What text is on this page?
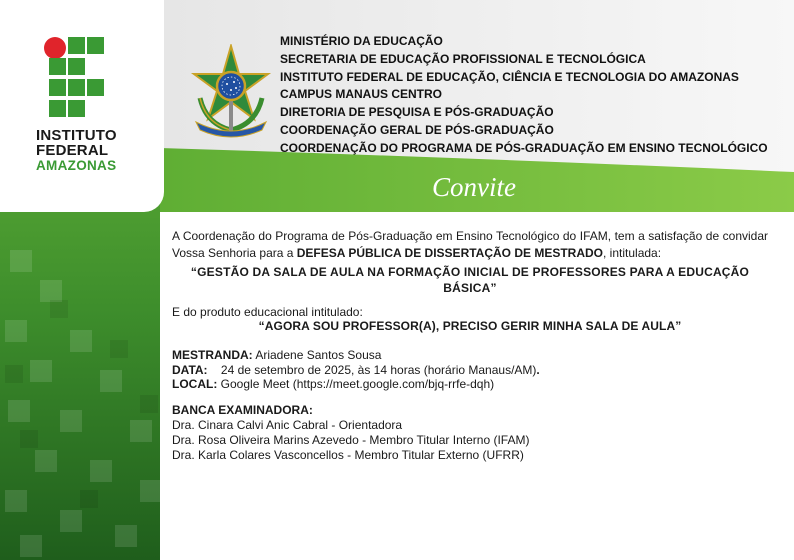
INSTITUTO
FEDERAL
AMAZONAS
MINISTÉRIO DA EDUCAÇÃO
SECRETARIA DE EDUCAÇÃO PROFISSIONAL E TECNOLÓGICA
INSTITUTO FEDERAL DE EDUCAÇÃO, CIÊNCIA E TECNOLOGIA DO AMAZONAS
CAMPUS MANAUS CENTRO
DIRETORIA DE PESQUISA E PÓS-GRADUAÇÃO
COORDENAÇÃO GERAL DE PÓS-GRADUAÇÃO
COORDENAÇÃO DO PROGRAMA DE PÓS-GRADUAÇÃO EM ENSINO TECNOLÓGICO
Convite

A Coordenação do Programa de Pós-Graduação em Ensino Tecnológico do IFAM, tem a satisfação de convidar Vossa Senhoria para a DEFESA PÚBLICA DE DISSERTAÇÃO DE MESTRADO, intitulada:

“GESTÃO DA SALA DE AULA NA FORMAÇÃO INICIAL DE PROFESSORES PARA A EDUCAÇÃO BÁSICA”
E do produto educacional intitulado:
“AGORA SOU PROFESSOR(A), PRECISO GERIR MINHA SALA DE AULA”
MESTRANDA: Ariadene Santos Sousa
DATA: 24 de setembro de 2025, às 14 horas (horário Manaus/AM).
LOCAL: Google Meet (https://meet.google.com/bjq-rrfe-dqh)
BANCA EXAMINADORA:
Dra. Cinara Calvi Anic Cabral - Orientadora
Dra. Rosa Oliveira Marins Azevedo - Membro Titular Interno (IFAM)
Dra. Karla Colares Vasconcellos - Membro Titular Externo (UFRR)
